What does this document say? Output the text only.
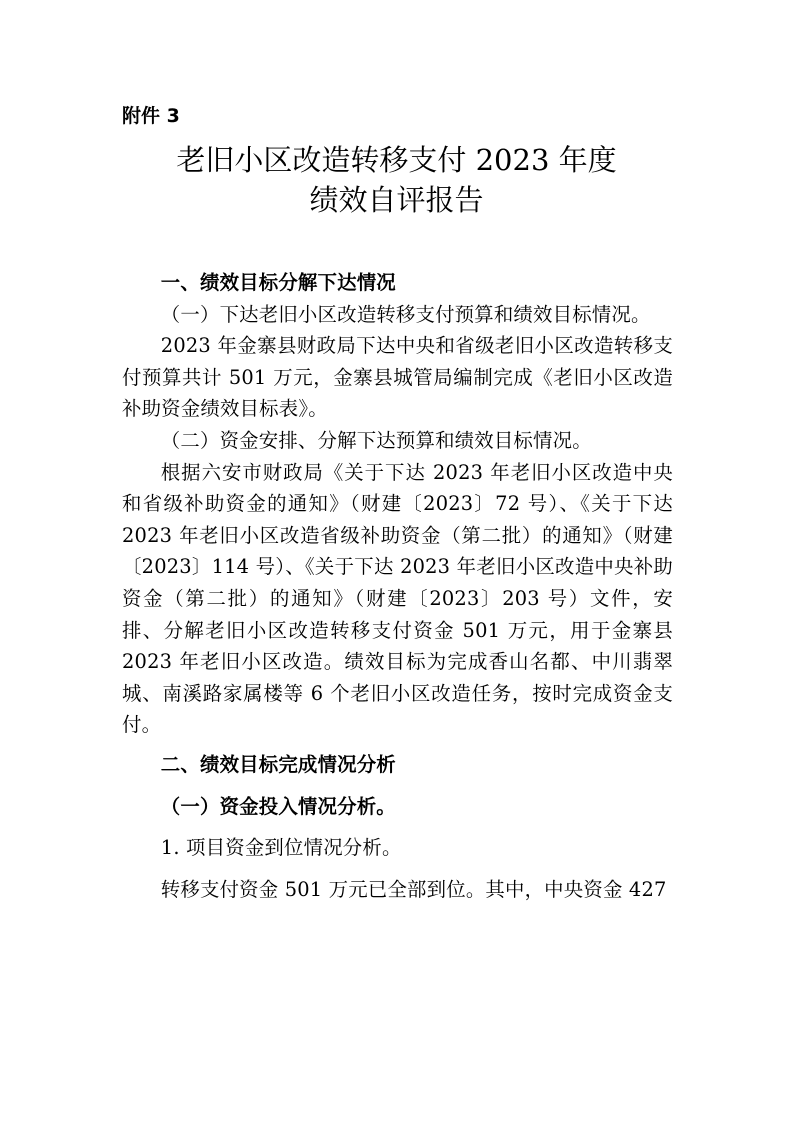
附件 3
老旧小区改造转移支付 2023 年度
绩效自评报告

一、绩效目标分解下达情况

（一）下达老旧小区改造转移支付预算和绩效目标情况。

2023 年金寨县财政局下达中央和省级老旧小区改造转移支付预算共计 501 万元，金寨县城管局编制完成《老旧小区改造补助资金绩效目标表》。

（二）资金安排、分解下达预算和绩效目标情况。

根据六安市财政局《关于下达 2023 年老旧小区改造中央和省级补助资金的通知》（财建〔2023〕72 号）、《关于下达 2023 年老旧小区改造省级补助资金（第二批）的通知》（财建〔2023〕114 号）、《关于下达 2023 年老旧小区改造中央补助资金（第二批）的通知》（财建〔2023〕203 号）文件，安排、分解老旧小区改造转移支付资金 501 万元，用于金寨县 2023 年老旧小区改造。绩效目标为完成香山名都、中川翡翠城、南溪路家属楼等 6 个老旧小区改造任务，按时完成资金支付。

二、绩效目标完成情况分析

（一）资金投入情况分析。

1. 项目资金到位情况分析。

转移支付资金 501 万元已全部到位。其中，中央资金 427
